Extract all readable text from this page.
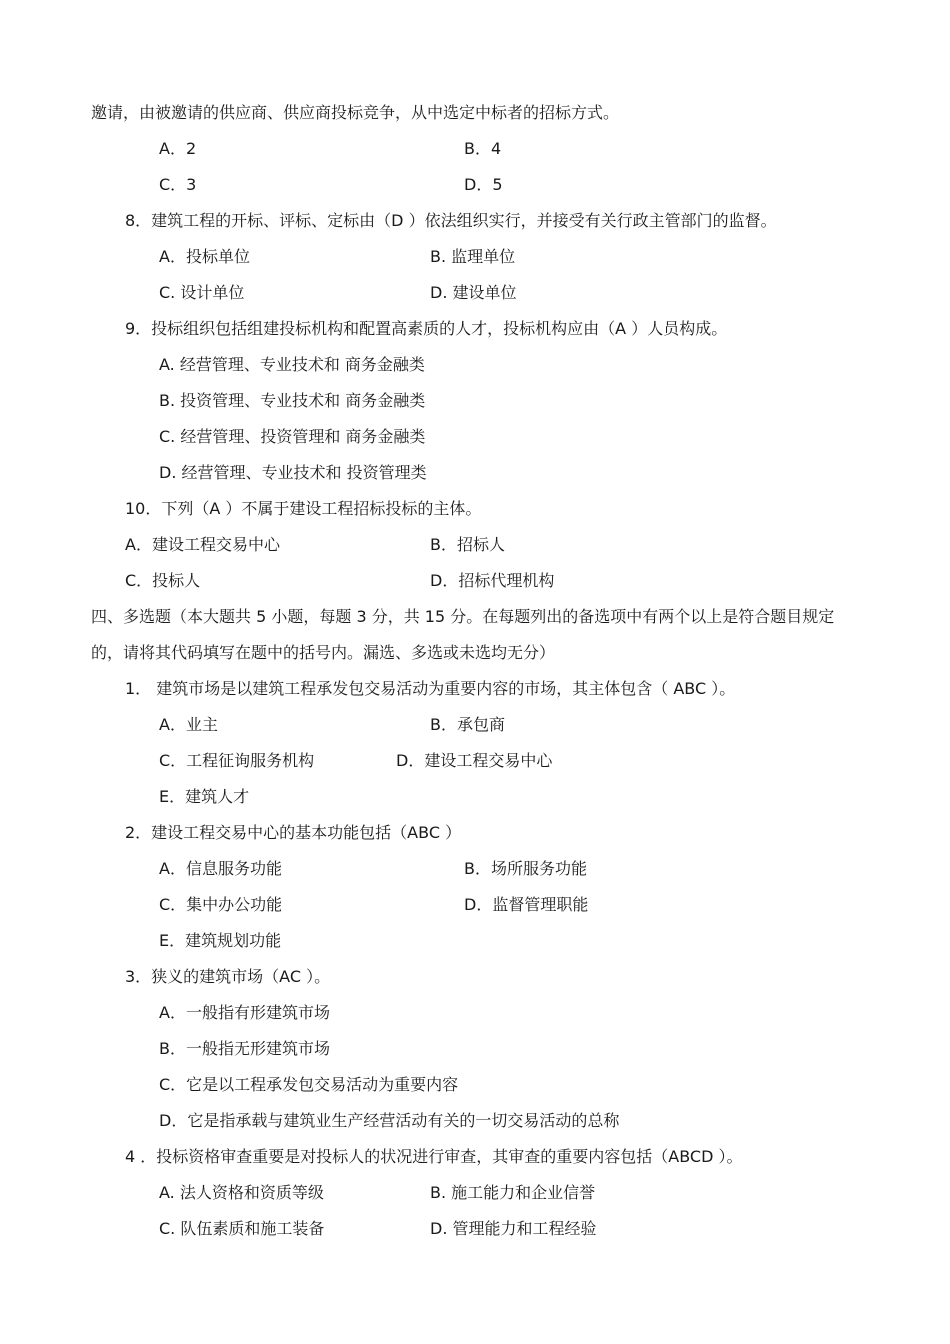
邀请，由被邀请的供应商、供应商投标竞争，从中选定中标者的招标方式。
A．2	B．4
C．3	D．5
8．建筑工程的开标、评标、定标由（D ）依法组织实行，并接受有关行政主管部门的监督。
A．投标单位	B. 监理单位
C. 设计单位	D. 建设单位
9．投标组织包括组建投标机构和配置高素质的人才，投标机构应由（A ）人员构成。
A. 经营管理、专业技术和 商务金融类
B. 投资管理、专业技术和 商务金融类
C. 经营管理、投资管理和 商务金融类
D. 经营管理、专业技术和 投资管理类
10．下列（A ）不属于建设工程招标投标的主体。
A．建设工程交易中心	B．招标人
C．投标人	D．招标代理机构
四、多选题（本大题共 5 小题，每题 3 分，共 15 分。在每题列出的备选项中有两个以上是符合题目规定
的，请将其代码填写在题中的括号内。漏选、多选或未选均无分）
1． 建筑市场是以建筑工程承发包交易活动为重要内容的市场，其主体包含（ ABC ）。
A．业主	B．承包商
C．工程征询服务机构	D．建设工程交易中心
E．建筑人才
2．建设工程交易中心的基本功能包括（ABC ）
A．信息服务功能	B．场所服务功能
C．集中办公功能	D．监督管理职能
E．建筑规划功能
3．狭义的建筑市场（AC ）。
A．一般指有形建筑市场
B．一般指无形建筑市场
C．它是以工程承发包交易活动为重要内容
D．它是指承载与建筑业生产经营活动有关的一切交易活动的总称
4 ．投标资格审查重要是对投标人的状况进行审查，其审查的重要内容包括（ABCD ）。
A. 法人资格和资质等级	B. 施工能力和企业信誉
C. 队伍素质和施工装备	D. 管理能力和工程经验
